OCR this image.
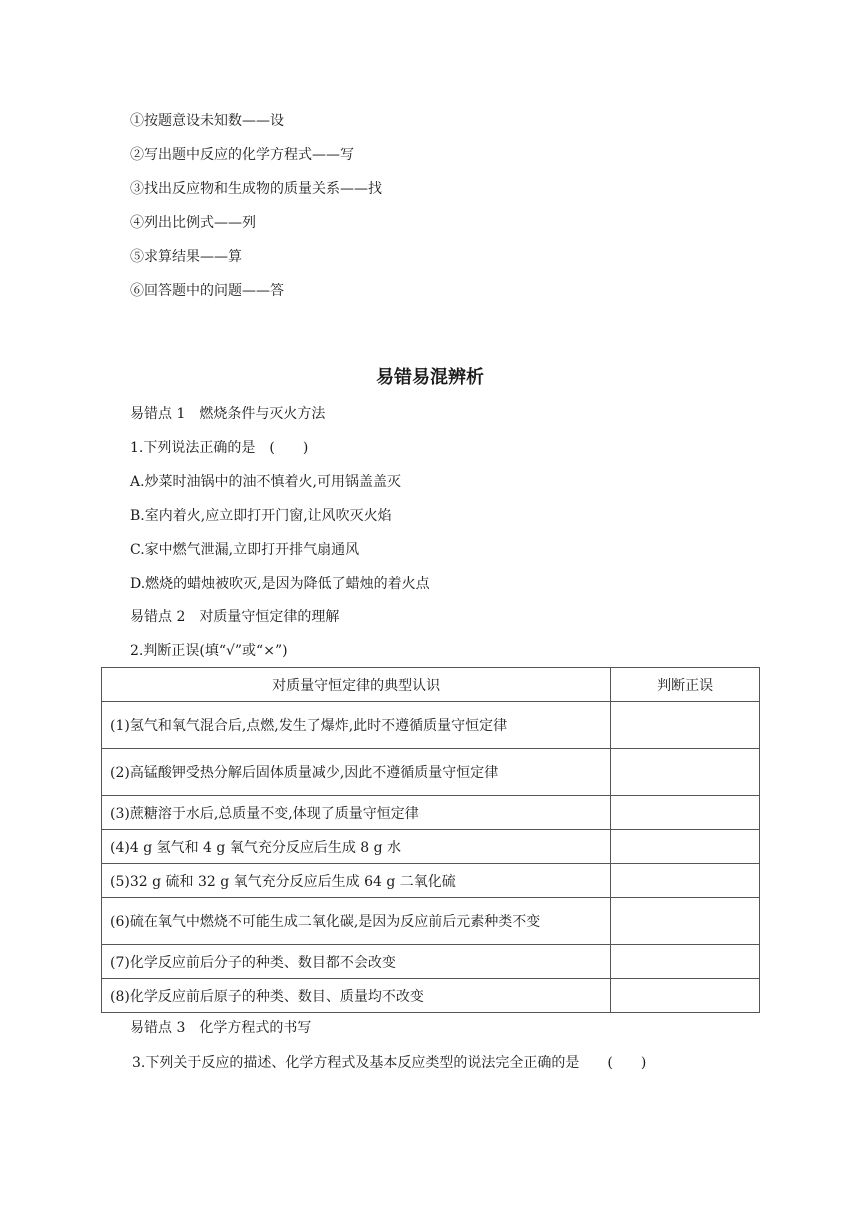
①按题意设未知数——设
②写出题中反应的化学方程式——写
③找出反应物和生成物的质量关系——找
④列出比例式——列
⑤求算结果——算
⑥回答题中的问题——答
易错易混辨析
易错点 1　燃烧条件与灭火方法
1.下列说法正确的是　(　　)
A.炒菜时油锅中的油不慎着火,可用锅盖盖灭
B.室内着火,应立即打开门窗,让风吹灭火焰
C.家中燃气泄漏,立即打开排气扇通风
D.燃烧的蜡烛被吹灭,是因为降低了蜡烛的着火点
易错点 2　对质量守恒定律的理解
2.判断正误(填“√”或“×”)
对质量守恒定律的典型认识	判断正误
(1)氢气和氧气混合后,点燃,发生了爆炸,此时不遵循质量守恒定律	
(2)高锰酸钾受热分解后固体质量减少,因此不遵循质量守恒定律	
(3)蔗糖溶于水后,总质量不变,体现了质量守恒定律	
(4)4 g 氢气和 4 g 氧气充分反应后生成 8 g 水	
(5)32 g 硫和 32 g 氧气充分反应后生成 64 g 二氧化硫	
(6)硫在氧气中燃烧不可能生成二氧化碳,是因为反应前后元素种类不变	
(7)化学反应前后分子的种类、数目都不会改变	
(8)化学反应前后原子的种类、数目、质量均不改变	
易错点 3　化学方程式的书写
3.下列关于反应的描述、化学方程式及基本反应类型的说法完全正确的是　　(　　)
